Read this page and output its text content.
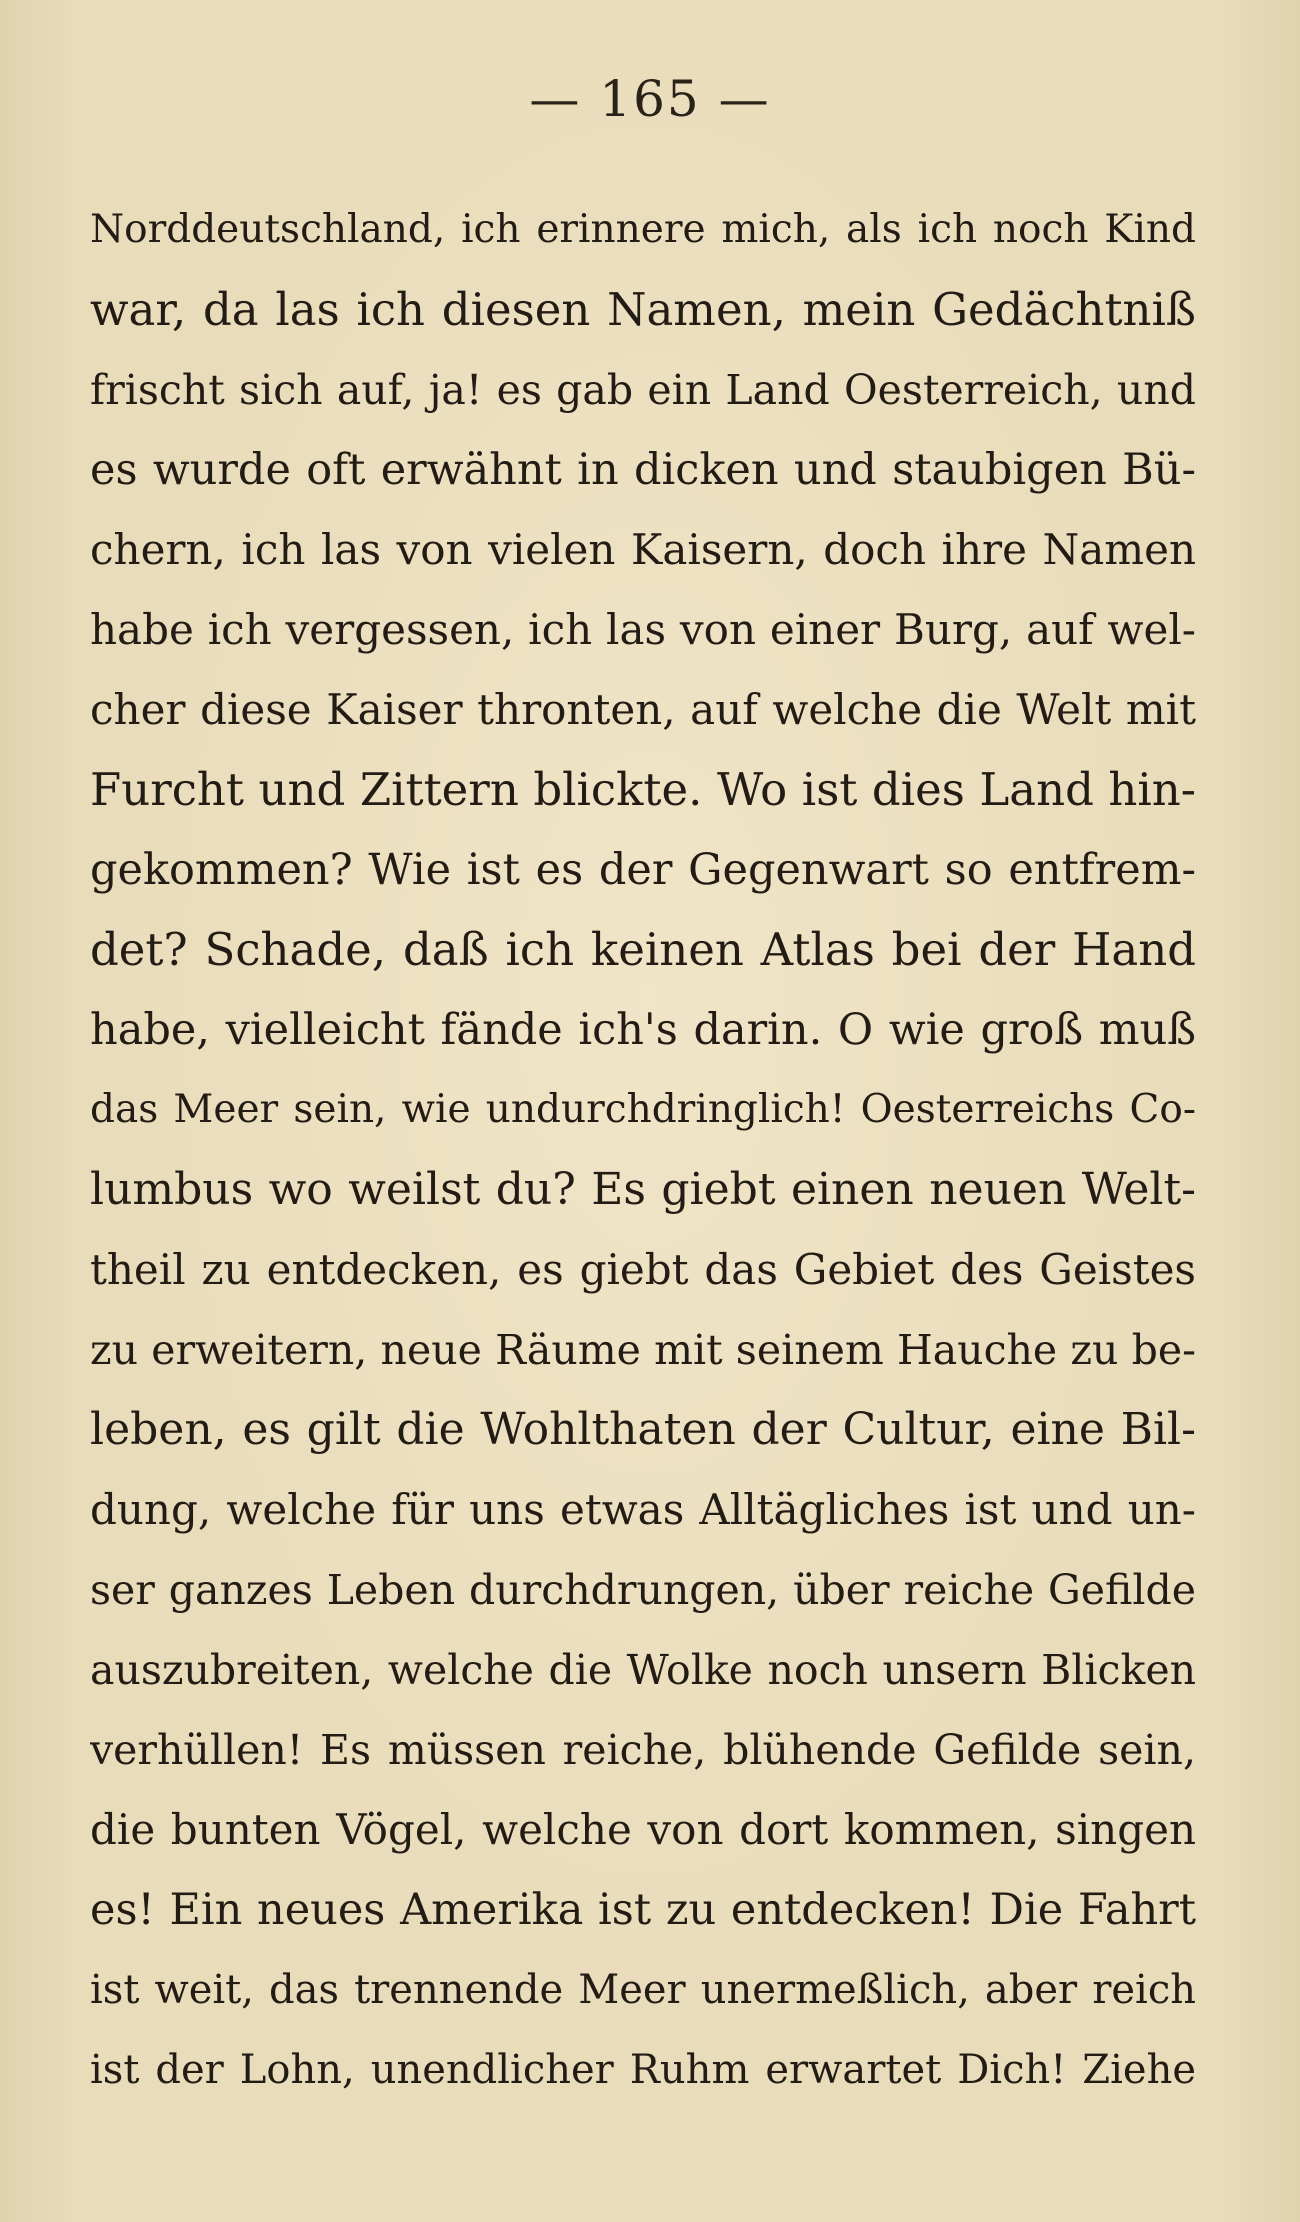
— 165 —
Norddeutschland, ich erinnere mich, als ich noch Kind
war, da las ich diesen Namen, mein Gedächtniß
frischt sich auf, ja! es gab ein Land Oesterreich, und
es wurde oft erwähnt in dicken und staubigen Bü-
chern, ich las von vielen Kaisern, doch ihre Namen
habe ich vergessen, ich las von einer Burg, auf wel-
cher diese Kaiser thronten, auf welche die Welt mit
Furcht und Zittern blickte. Wo ist dies Land hin-
gekommen? Wie ist es der Gegenwart so entfrem-
det? Schade, daß ich keinen Atlas bei der Hand
habe, vielleicht fände ich's darin. O wie groß muß
das Meer sein, wie undurchdringlich! Oesterreichs Co-
lumbus wo weilst du? Es giebt einen neuen Welt-
theil zu entdecken, es giebt das Gebiet des Geistes
zu erweitern, neue Räume mit seinem Hauche zu be-
leben, es gilt die Wohlthaten der Cultur, eine Bil-
dung, welche für uns etwas Alltägliches ist und un-
ser ganzes Leben durchdrungen, über reiche Gefilde
auszubreiten, welche die Wolke noch unsern Blicken
verhüllen! Es müssen reiche, blühende Gefilde sein,
die bunten Vögel, welche von dort kommen, singen
es! Ein neues Amerika ist zu entdecken! Die Fahrt
ist weit, das trennende Meer unermeßlich, aber reich
ist der Lohn, unendlicher Ruhm erwartet Dich! Ziehe
